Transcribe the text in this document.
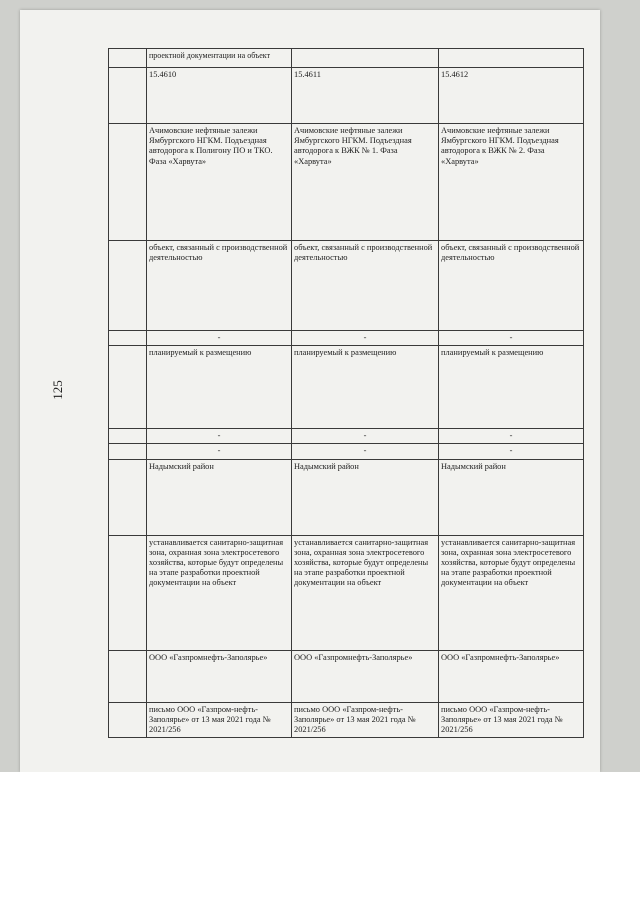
125
	проектной документации на объект		
	15.4610	15.4611	15.4612
	Ачимовские нефтяные залежи Ямбургского НГКМ. Подъездная автодорога к Полигону ПО и ТКО. Фаза «Харвута»	Ачимовские нефтяные залежи Ямбургского НГКМ. Подъездная автодорога к ВЖК № 1. Фаза «Харвута»	Ачимовские нефтяные залежи Ямбургского НГКМ. Подъездная автодорога к ВЖК № 2. Фаза «Харвута»
	объект, связанный с производственной деятельностью	объект, связанный с производственной деятельностью	объект, связанный с производственной деятельностью
	-	-	-
	планируемый к размещению	планируемый к размещению	планируемый к размещению
	-	-	-
	-	-	-
	Надымский район	Надымский район	Надымский район
	устанавливается санитарно-защитная зона, охранная зона электросетевого хозяйства, которые будут определены на этапе разработки проектной документации на объект	устанавливается санитарно-защитная зона, охранная зона электросетевого хозяйства, которые будут определены на этапе разработки проектной документации на объект	устанавливается санитарно-защитная зона, охранная зона электросетевого хозяйства, которые будут определены на этапе разработки проектной документации на объект
	ООО «Газпромнефть-Заполярье»	ООО «Газпромнефть-Заполярье»	ООО «Газпромнефть-Заполярье»
	письмо ООО «Газпром-нефть-Заполярье» от 13 мая 2021 года № 2021/256	письмо ООО «Газпром-нефть-Заполярье» от 13 мая 2021 года № 2021/256	письмо ООО «Газпром-нефть-Заполярье» от 13 мая 2021 года № 2021/256
